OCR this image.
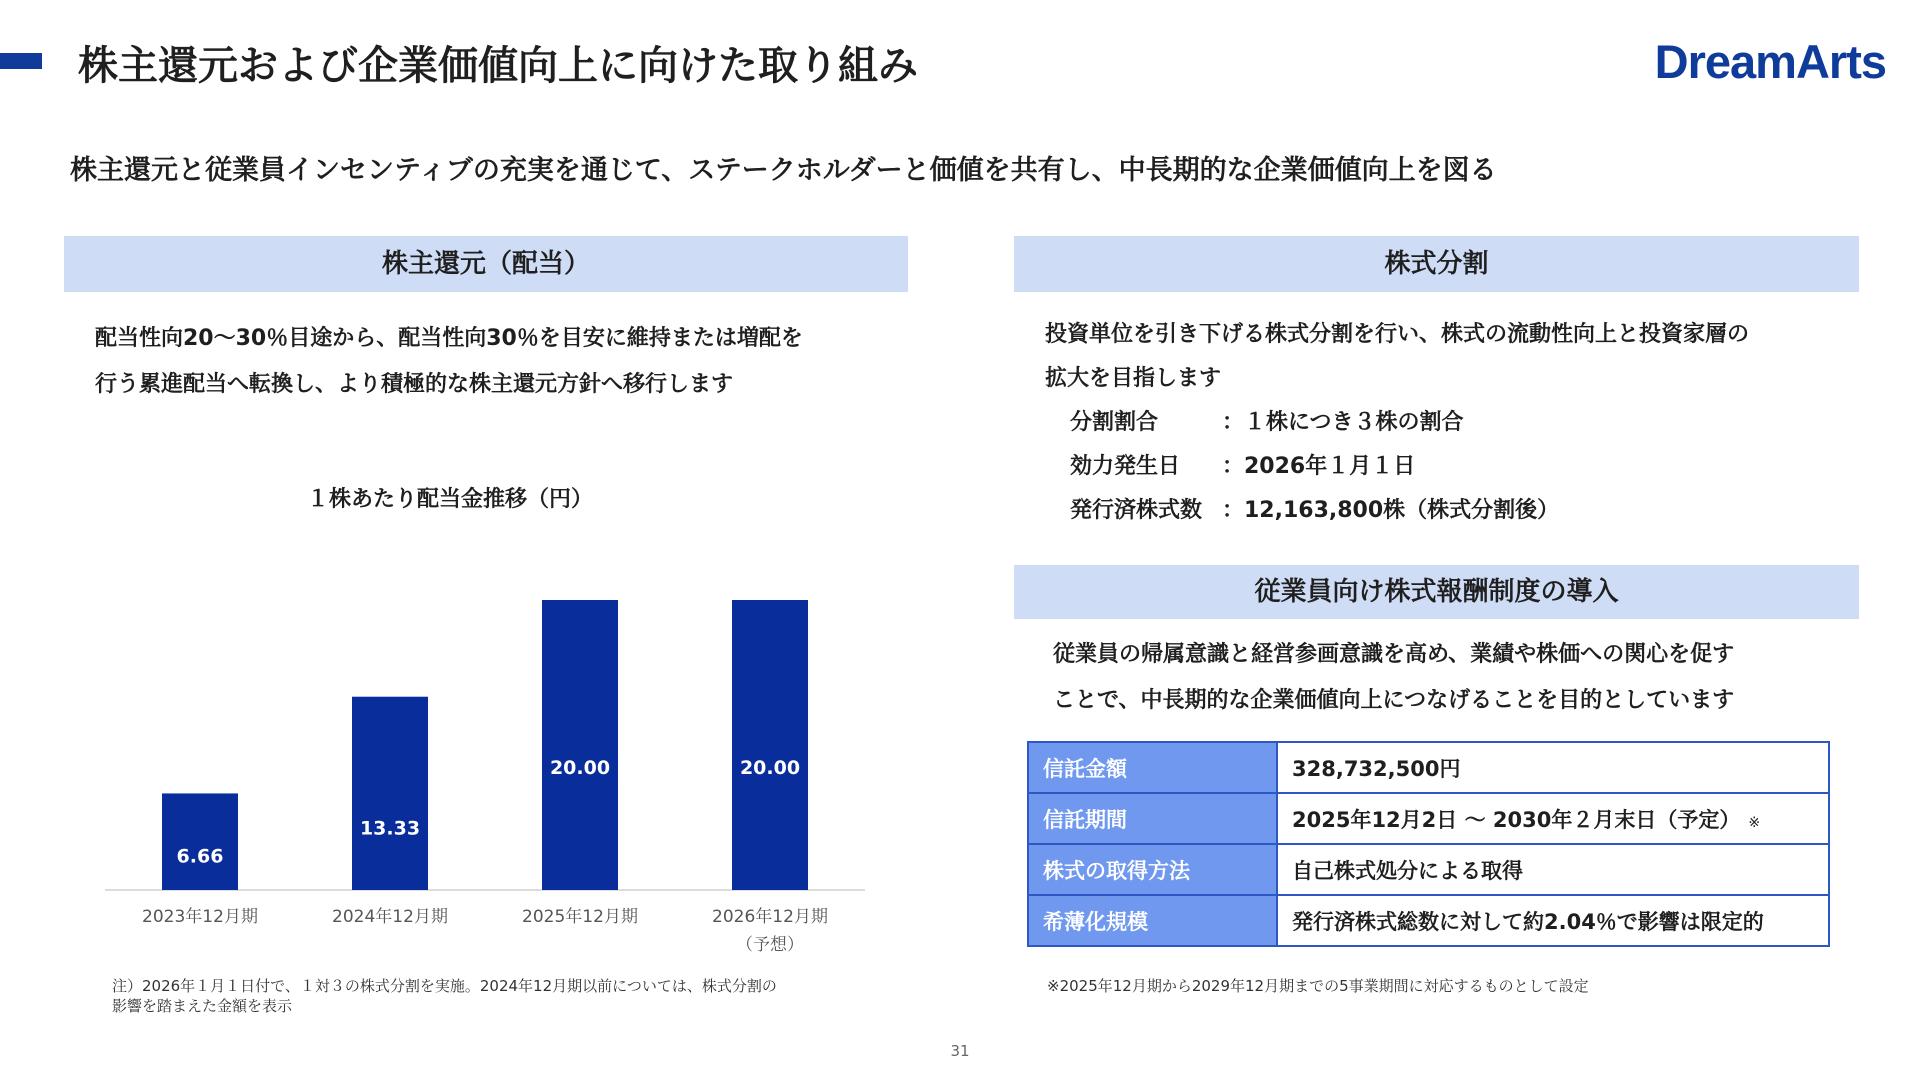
株主還元および企業価値向上に向けた取り組み	DreamArts
株主還元と従業員インセンティブの充実を通じて、ステークホルダーと価値を共有し、中長期的な企業価値向上を図る
株主還元（配当）
配当性向20〜30％目途から、配当性向30％を目安に維持または増配を
行う累進配当へ転換し、より積極的な株主還元方針へ移行します
１株あたり配当金推移（円）
6.66
2023年12月期
13.33
2024年12月期
20.00
2025年12月期
20.00
2026年12月期
（予想）
注）2026年１月１日付で、１対３の株式分割を実施。2024年12月期以前については、株式分割の
影響を踏まえた金額を表示
株式分割
投資単位を引き下げる株式分割を行い、株式の流動性向上と投資家層の
拡大を目指します
分割割合	：１株につき３株の割合
効力発生日 ：2026年１月１日
発行済株式数 ：12,163,800株（株式分割後）
従業員向け株式報酬制度の導入
従業員の帰属意識と経営参画意識を高め、業績や株価への関心を促す
ことで、中長期的な企業価値向上につなげることを目的としています
信託金額	328,732,500円
信託期間	2025年12月2日 〜 2030年２月末日（予定） ※
株式の取得方法	自己株式処分による取得
希薄化規模	発行済株式総数に対して約2.04％で影響は限定的
※2025年12月期から2029年12月期までの5事業期間に対応するものとして設定
31
